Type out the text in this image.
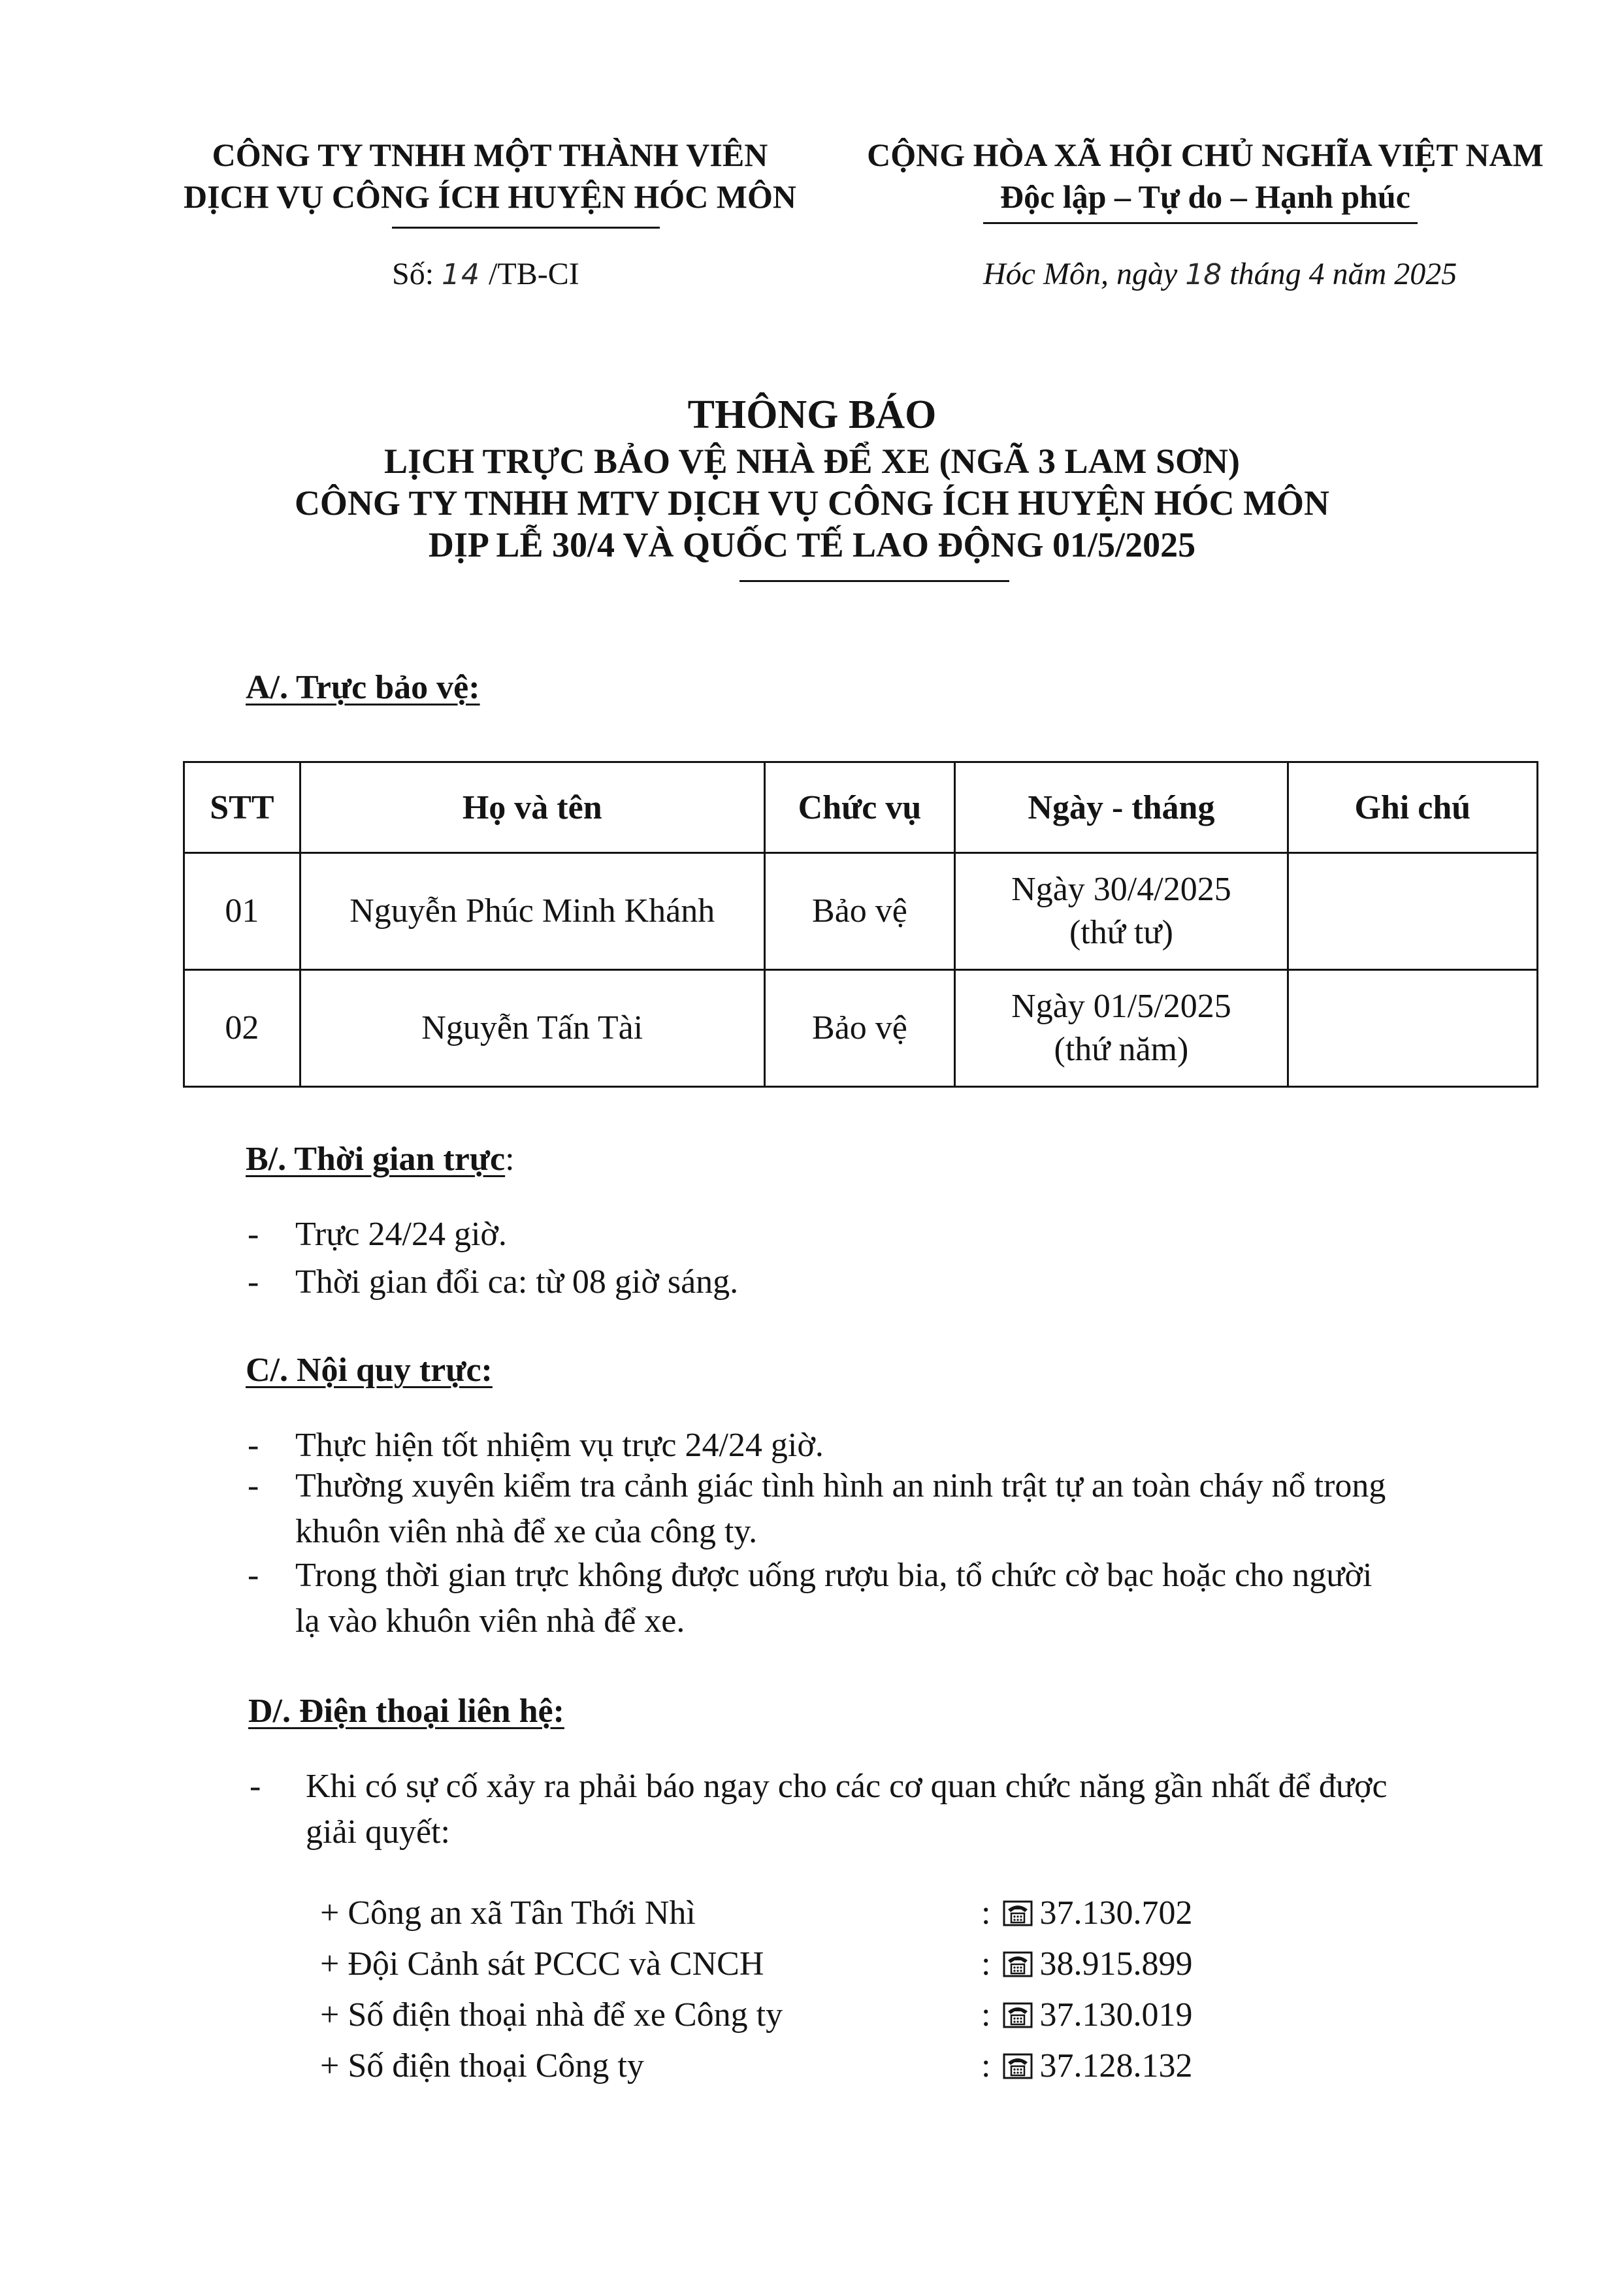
CÔNG TY TNHH MỘT THÀNH VIÊN
DỊCH VỤ CÔNG ÍCH HUYỆN HÓC MÔN
CỘNG HÒA XÃ HỘI CHỦ NGHĨA VIỆT NAM
Độc lập – Tự do – Hạnh phúc
Số: 14 /TB-CI	Hóc Môn, ngày 18 tháng 4 năm 2025
THÔNG BÁO
LỊCH TRỰC BẢO VỆ NHÀ ĐỂ XE (NGÃ 3 LAM SƠN)
CÔNG TY TNHH MTV DỊCH VỤ CÔNG ÍCH HUYỆN HÓC MÔN
DỊP LỄ 30/4 VÀ QUỐC TẾ LAO ĐỘNG 01/5/2025
A/. Trực bảo vệ:
STT	Họ và tên	Chức vụ	Ngày - tháng	Ghi chú
01	Nguyễn Phúc Minh Khánh	Bảo vệ	Ngày 30/4/2025
(thứ tư)	

02	Nguyễn Tấn Tài	Bảo vệ	Ngày 01/5/2025
(thứ năm)	

B/. Thời gian trực:
- Trực 24/24 giờ.
- Thời gian đổi ca: từ 08 giờ sáng.
C/. Nội quy trực:
- Thực hiện tốt nhiệm vụ trực 24/24 giờ.
- Thường xuyên kiểm tra cảnh giác tình hình an ninh trật tự an toàn cháy nổ trong
khuôn viên nhà để xe của công ty.
- Trong thời gian trực không được uống rượu bia, tổ chức cờ bạc hoặc cho người
lạ vào khuôn viên nhà để xe.
D/. Điện thoại liên hệ:
- Khi có sự cố xảy ra phải báo ngay cho các cơ quan chức năng gần nhất để được
giải quyết:
+ Công an xã Tân Thới Nhì	: 37.130.702
+ Đội Cảnh sát PCCC và CNCH	: 38.915.899
+ Số điện thoại nhà để xe Công ty	: 37.130.019
+ Số điện thoại Công ty	: 37.128.132
